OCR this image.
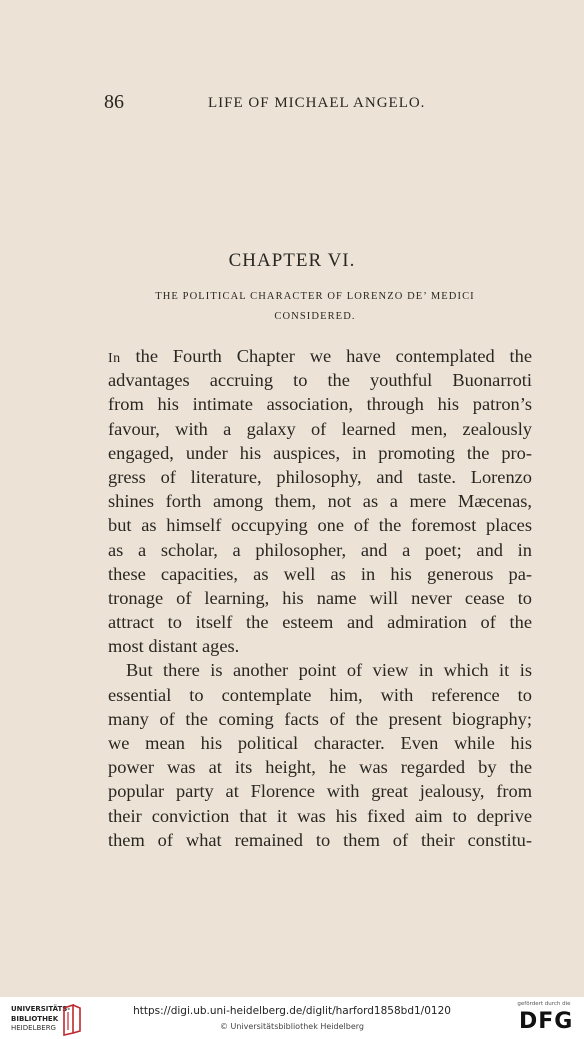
86	LIFE OF MICHAEL ANGELO.
CHAPTER VI.
THE POLITICAL CHARACTER OF LORENZO DE’ MEDICI
CONSIDERED.
In the Fourth Chapter we have contemplated the
advantages accruing to the youthful Buonarroti
from his intimate association, through his patron’s
favour, with a galaxy of learned men, zealously
engaged, under his auspices, in promoting the pro-
gress of literature, philosophy, and taste. Lorenzo
shines forth among them, not as a mere Mæcenas,
but as himself occupying one of the foremost places
as a scholar, a philosopher, and a poet; and in
these capacities, as well as in his generous pa-
tronage of learning, his name will never cease to
attract to itself the esteem and admiration of the
most distant ages.
But there is another point of view in which it is
essential to contemplate him, with reference to
many of the coming facts of the present biography;
we mean his political character. Even while his
power was at its height, he was regarded by the
popular party at Florence with great jealousy, from
their conviction that it was his fixed aim to deprive
them of what remained to them of their constitu-
UNIVERSITÄTS-
BIBLIOTHEK
HEIDELBERG
https://digi.ub.uni-heidelberg.de/diglit/harford1858bd1/0120
© Universitätsbibliothek Heidelberg
gefördert durch die
DFG
